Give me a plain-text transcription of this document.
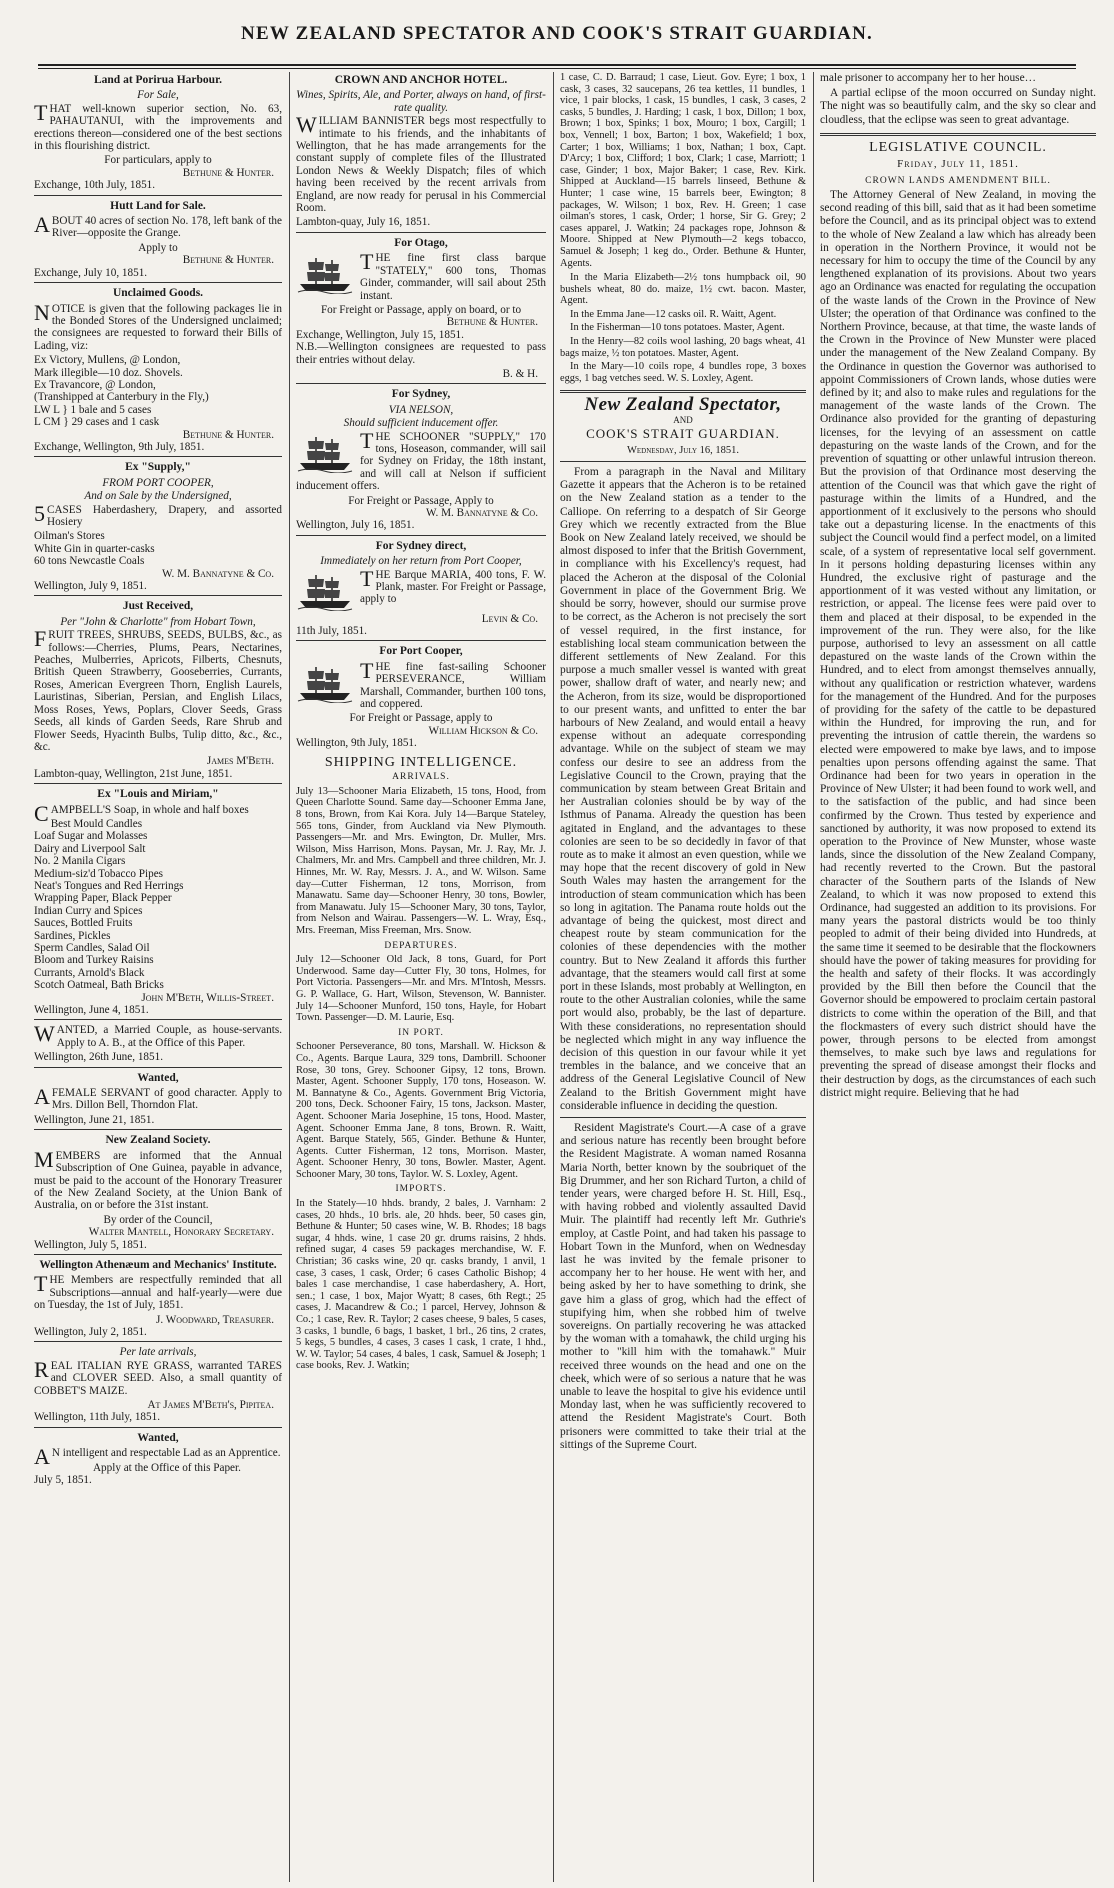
NEW ZEALAND SPECTATOR AND COOK'S STRAIT GUARDIAN.
Land at Porirua Harbour.
For Sale,

THAT well-known superior section, No. 63, PAHAUTANUI, with the improvements and erections thereon—considered one of the best sections in this flourishing district.

For particulars, apply to
Bethune & Hunter.
Exchange, 10th July, 1851.
Hutt Land for Sale.

ABOUT 40 acres of section No. 178, left bank of the River—opposite the Grange.

Apply to
Bethune & Hunter.
Exchange, July 10, 1851.
Unclaimed Goods.

NOTICE is given that the following packages lie in the Bonded Stores of the Undersigned unclaimed; the consignees are requested to forward their Bills of Lading, viz:

Ex Victory, Mullens, @ London,
Mark illegible—10 doz. Shovels.
Ex Travancore, @ London,
(Transhipped at Canterbury in the Fly,)
LW L } 1 bale and 5 cases
L CM } 29 cases and 1 cask
Bethune & Hunter.
Exchange, Wellington, 9th July, 1851.
Ex "Supply,"
FROM PORT COOPER,
And on Sale by the Undersigned,

5CASES Haberdashery, Drapery, and assorted Hosiery

Oilman's Stores
White Gin in quarter-casks
60 tons Newcastle Coals
W. M. Bannatyne & Co.
Wellington, July 9, 1851.
Just Received,
Per "John & Charlotte" from Hobart Town,

FRUIT TREES, SHRUBS, SEEDS, BULBS, &c., as follows:—Cherries, Plums, Pears, Nectarines, Peaches, Mulberries, Apricots, Filberts, Chesnuts, British Queen Strawberry, Gooseberries, Currants, Roses, American Evergreen Thorn, English Laurels, Lauristinas, Siberian, Persian, and English Lilacs, Moss Roses, Yews, Poplars, Clover Seeds, Grass Seeds, all kinds of Garden Seeds, Rare Shrub and Flower Seeds, Hyacinth Bulbs, Tulip ditto, &c., &c., &c.

James M'Beth.
Lambton-quay, Wellington, 21st June, 1851.
Ex "Louis and Miriam,"

CAMPBELL'S Soap, in whole and half boxes

Best Mould Candles
Loaf Sugar and Molasses
Dairy and Liverpool Salt
No. 2 Manila Cigars
Medium-siz'd Tobacco Pipes
Neat's Tongues and Red Herrings
Wrapping Paper, Black Pepper
Indian Curry and Spices
Sauces, Bottled Fruits
Sardines, Pickles
Sperm Candles, Salad Oil
Bloom and Turkey Raisins
Currants, Arnold's Black
Scotch Oatmeal, Bath Bricks
John M'Beth, Willis-Street.
Wellington, June 4, 1851.

WANTED, a Married Couple, as house-servants. Apply to A. B., at the Office of this Paper.

Wellington, 26th June, 1851.
Wanted,

AFEMALE SERVANT of good character. Apply to Mrs. Dillon Bell, Thorndon Flat.

Wellington, June 21, 1851.
New Zealand Society.

MEMBERS are informed that the Annual Subscription of One Guinea, payable in advance, must be paid to the account of the Honorary Treasurer of the New Zealand Society, at the Union Bank of Australia, on or before the 31st instant.

By order of the Council,
Walter Mantell, Honorary Secretary.
Wellington, July 5, 1851.
Wellington Athenæum and Mechanics' Institute.

THE Members are respectfully reminded that all Subscriptions—annual and half-yearly—were due on Tuesday, the 1st of July, 1851.

J. Woodward, Treasurer.
Wellington, July 2, 1851.
Per late arrivals,

REAL ITALIAN RYE GRASS, warranted TARES and CLOVER SEED. Also, a small quantity of COBBET'S MAIZE.

At James M'Beth's, Pipitea.
Wellington, 11th July, 1851.
Wanted,

AN intelligent and respectable Lad as an Apprentice.

Apply at the Office of this Paper.
July 5, 1851.
CROWN AND ANCHOR HOTEL.
Wines, Spirits, Ale, and Porter, always on hand, of first-rate quality.

WILLIAM BANNISTER begs most respectfully to intimate to his friends, and the inhabitants of Wellington, that he has made arrangements for the constant supply of complete files of the Illustrated London News & Weekly Dispatch; files of which having been received by the recent arrivals from England, are now ready for perusal in his Commercial Room.

Lambton-quay, July 16, 1851.
For Otago,

THE fine first class barque "STATELY," 600 tons, Thomas Ginder, commander, will sail about 25th instant.

For Freight or Passage, apply on board, or to
Bethune & Hunter.
Exchange, Wellington, July 15, 1851.

N.B.—Wellington consignees are requested to pass their entries without delay.

B. & H.
For Sydney,
VIA NELSON,
Should sufficient inducement offer.

THE SCHOONER "SUPPLY," 170 tons, Hoseason, commander, will sail for Sydney on Friday, the 18th instant, and will call at Nelson if sufficient inducement offers.

For Freight or Passage, Apply to
W. M. Bannatyne & Co.
Wellington, July 16, 1851.
For Sydney direct,
Immediately on her return from Port Cooper,

THE Barque MARIA, 400 tons, F. W. Plank, master. For Freight or Passage, apply to

Levin & Co.
11th July, 1851.
For Port Cooper,

THE fine fast-sailing Schooner PERSEVERANCE, William Marshall, Commander, burthen 100 tons, and coppered.

For Freight or Passage, apply to
William Hickson & Co.
Wellington, 9th July, 1851.
SHIPPING INTELLIGENCE.
ARRIVALS.

July 13—Schooner Maria Elizabeth, 15 tons, Hood, from Queen Charlotte Sound. Same day—Schooner Emma Jane, 8 tons, Brown, from Kai Kora. July 14—Barque Stateley, 565 tons, Ginder, from Auckland via New Plymouth. Passengers—Mr. and Mrs. Ewington, Dr. Muller, Mrs. Wilson, Miss Harrison, Mons. Paysan, Mr. J. Ray, Mr. J. Chalmers, Mr. and Mrs. Campbell and three children, Mr. J. Hinnes, Mr. W. Ray, Messrs. J. A., and W. Wilson. Same day—Cutter Fisherman, 12 tons, Morrison, from Manawatu. Same day—Schooner Henry, 30 tons, Bowler, from Manawatu. July 15—Schooner Mary, 30 tons, Taylor, from Nelson and Wairau. Passengers—W. L. Wray, Esq., Mrs. Freeman, Miss Freeman, Mrs. Snow.

DEPARTURES.

July 12—Schooner Old Jack, 8 tons, Guard, for Port Underwood. Same day—Cutter Fly, 30 tons, Holmes, for Port Victoria. Passengers—Mr. and Mrs. M'Intosh, Messrs. G. P. Wallace, G. Hart, Wilson, Stevenson, W. Bannister. July 14—Schooner Munford, 150 tons, Hayle, for Hobart Town. Passenger—D. M. Laurie, Esq.

IN PORT.

Schooner Perseverance, 80 tons, Marshall. W. Hickson & Co., Agents. Barque Laura, 329 tons, Dambrill. Schooner Rose, 30 tons, Grey. Schooner Gipsy, 12 tons, Brown. Master, Agent. Schooner Supply, 170 tons, Hoseason. W. M. Bannatyne & Co., Agents. Government Brig Victoria, 200 tons, Deck. Schooner Fairy, 15 tons, Jackson. Master, Agent. Schooner Maria Josephine, 15 tons, Hood. Master, Agent. Schooner Emma Jane, 8 tons, Brown. R. Waitt, Agent. Barque Stately, 565, Ginder. Bethune & Hunter, Agents. Cutter Fisherman, 12 tons, Morrison. Master, Agent. Schooner Henry, 30 tons, Bowler. Master, Agent. Schooner Mary, 30 tons, Taylor. W. S. Loxley, Agent.

IMPORTS.

In the Stately—10 hhds. brandy, 2 bales, J. Varnham: 2 cases, 20 hhds., 10 brls. ale, 20 hhds. beer, 50 cases gin, Bethune & Hunter; 50 cases wine, W. B. Rhodes; 18 bags sugar, 4 hhds. wine, 1 case 20 gr. drums raisins, 2 hhds. refined sugar, 4 cases 59 packages merchandise, W. F. Christian; 36 casks wine, 20 qr. casks brandy, 1 anvil, 1 case, 3 cases, 1 cask, Order; 6 cases Catholic Bishop; 4 bales 1 case merchandise, 1 case haberdashery, A. Hort, sen.; 1 case, 1 box, Major Wyatt; 8 cases, 6th Regt.; 25 cases, J. Macandrew & Co.; 1 parcel, Hervey, Johnson & Co.; 1 case, Rev. R. Taylor; 2 cases cheese, 9 bales, 5 cases, 3 casks, 1 bundle, 6 bags, 1 basket, 1 brl., 26 tins, 2 crates, 5 kegs, 5 bundles, 4 cases, 3 cases 1 cask, 1 crate, 1 hhd., W. W. Taylor; 54 cases, 4 bales, 1 cask, Samuel & Joseph; 1 case books, Rev. J. Watkin;

1 case, C. D. Barraud; 1 case, Lieut. Gov. Eyre; 1 box, 1 cask, 3 cases, 32 saucepans, 26 tea kettles, 11 bundles, 1 vice, 1 pair blocks, 1 cask, 15 bundles, 1 cask, 3 cases, 2 casks, 5 bundles, J. Harding; 1 cask, 1 box, Dillon; 1 box, Brown; 1 box, Spinks; 1 box, Mouro; 1 box, Cargill; 1 box, Vennell; 1 box, Barton; 1 box, Wakefield; 1 box, Carter; 1 box, Williams; 1 box, Nathan; 1 box, Capt. D'Arcy; 1 box, Clifford; 1 box, Clark; 1 case, Marriott; 1 case, Ginder; 1 box, Major Baker; 1 case, Rev. Kirk. Shipped at Auckland—15 barrels linseed, Bethune & Hunter; 1 case wine, 15 barrels beer, Ewington; 8 packages, W. Wilson; 1 box, Rev. H. Green; 1 case oilman's stores, 1 cask, Order; 1 horse, Sir G. Grey; 2 cases apparel, J. Watkin; 24 packages rope, Johnson & Moore. Shipped at New Plymouth—2 kegs tobacco, Samuel & Joseph; 1 keg do., Order. Bethune & Hunter, Agents.

In the Maria Elizabeth—2½ tons humpback oil, 90 bushels wheat, 80 do. maize, 1½ cwt. bacon. Master, Agent.

In the Emma Jane—12 casks oil. R. Waitt, Agent.

In the Fisherman—10 tons potatoes. Master, Agent.

In the Henry—82 coils wool lashing, 20 bags wheat, 41 bags maize, ½ ton potatoes. Master, Agent.

In the Mary—10 coils rope, 4 bundles rope, 3 boxes eggs, 1 bag vetches seed. W. S. Loxley, Agent.

New Zealand Spectator,
AND
COOK'S STRAIT GUARDIAN.
Wednesday, July 16, 1851.

From a paragraph in the Naval and Military Gazette it appears that the Acheron is to be retained on the New Zealand station as a tender to the Calliope. On referring to a despatch of Sir George Grey which we recently extracted from the Blue Book on New Zealand lately received, we should be almost disposed to infer that the British Government, in compliance with his Excellency's request, had placed the Acheron at the disposal of the Colonial Government in place of the Government Brig. We should be sorry, however, should our surmise prove to be correct, as the Acheron is not precisely the sort of vessel required, in the first instance, for establishing local steam communication between the different settlements of New Zealand. For this purpose a much smaller vessel is wanted with great power, shallow draft of water, and nearly new; and the Acheron, from its size, would be disproportioned to our present wants, and unfitted to enter the bar harbours of New Zealand, and would entail a heavy expense without an adequate corresponding advantage. While on the subject of steam we may confess our desire to see an address from the Legislative Council to the Crown, praying that the communication by steam between Great Britain and her Australian colonies should be by way of the Isthmus of Panama. Already the question has been agitated in England, and the advantages to these colonies are seen to be so decidedly in favor of that route as to make it almost an even question, while we may hope that the recent discovery of gold in New South Wales may hasten the arrangement for the introduction of steam communication which has been so long in agitation. The Panama route holds out the advantage of being the quickest, most direct and cheapest route by steam communication for the colonies of these dependencies with the mother country. But to New Zealand it affords this further advantage, that the steamers would call first at some port in these Islands, most probably at Wellington, en route to the other Australian colonies, while the same port would also, probably, be the last of departure. With these considerations, no representation should be neglected which might in any way influence the decision of this question in our favour while it yet trembles in the balance, and we conceive that an address of the General Legislative Council of New Zealand to the British Government might have considerable influence in deciding the question.

Resident Magistrate's Court.—A case of a grave and serious nature has recently been brought before the Resident Magistrate. A woman named Rosanna Maria North, better known by the soubriquet of the Big Drummer, and her son Richard Turton, a child of tender years, were charged before H. St. Hill, Esq., with having robbed and violently assaulted David Muir. The plaintiff had recently left Mr. Guthrie's employ, at Castle Point, and had taken his passage to Hobart Town in the Munford, when on Wednesday last he was invited by the female prisoner to accompany her to her house. He went with her, and being asked by her to have something to drink, she gave him a glass of grog, which had the effect of stupifying him, when she robbed him of twelve sovereigns. On partially recovering he was attacked by the woman with a tomahawk, the child urging his mother to "kill him with the tomahawk." Muir received three wounds on the head and one on the cheek, which were of so serious a nature that he was unable to leave the hospital to give his evidence until Monday last, when he was sufficiently recovered to attend the Resident Magistrate's Court. Both prisoners were committed to take their trial at the sittings of the Supreme Court.

male prisoner to accompany her to her house…

A partial eclipse of the moon occurred on Sunday night. The night was so beautifully calm, and the sky so clear and cloudless, that the eclipse was seen to great advantage.

LEGISLATIVE COUNCIL.
Friday, July 11, 1851.
CROWN LANDS AMENDMENT BILL.

The Attorney General of New Zealand, in moving the second reading of this bill, said that as it had been sometime before the Council, and as its principal object was to extend to the whole of New Zealand a law which has already been in operation in the Northern Province, it would not be necessary for him to occupy the time of the Council by any lengthened explanation of its provisions. About two years ago an Ordinance was enacted for regulating the occupation of the waste lands of the Crown in the Province of New Ulster; the operation of that Ordinance was confined to the Northern Province, because, at that time, the waste lands of the Crown in the Province of New Munster were placed under the management of the New Zealand Company. By the Ordinance in question the Governor was authorised to appoint Commissioners of Crown lands, whose duties were defined by it; and also to make rules and regulations for the management of the waste lands of the Crown. The Ordinance also provided for the granting of depasturing licenses, for the levying of an assessment on cattle depasturing on the waste lands of the Crown, and for the prevention of squatting or other unlawful intrusion thereon. But the provision of that Ordinance most deserving the attention of the Council was that which gave the right of pasturage within the limits of a Hundred, and the apportionment of it exclusively to the persons who should take out a depasturing license. In the enactments of this subject the Council would find a perfect model, on a limited scale, of a system of representative local self government. In it persons holding depasturing licenses within any Hundred, the exclusive right of pasturage and the apportionment of it was vested without any limitation, or restriction, or appeal. The license fees were paid over to them and placed at their disposal, to be expended in the improvement of the run. They were also, for the like purpose, authorised to levy an assessment on all cattle depastured on the waste lands of the Crown within the Hundred, and to elect from amongst themselves annually, without any qualification or restriction whatever, wardens for the management of the Hundred. And for the purposes of providing for the safety of the cattle to be depastured within the Hundred, for improving the run, and for preventing the intrusion of cattle therein, the wardens so elected were empowered to make bye laws, and to impose penalties upon persons offending against the same. That Ordinance had been for two years in operation in the Province of New Ulster; it had been found to work well, and to the satisfaction of the public, and had since been confirmed by the Crown. Thus tested by experience and sanctioned by authority, it was now proposed to extend its operation to the Province of New Munster, whose waste lands, since the dissolution of the New Zealand Company, had recently reverted to the Crown. But the pastoral character of the Southern parts of the Islands of New Zealand, to which it was now proposed to extend this Ordinance, had suggested an addition to its provisions. For many years the pastoral districts would be too thinly peopled to admit of their being divided into Hundreds, at the same time it seemed to be desirable that the flockowners should have the power of taking measures for providing for the health and safety of their flocks. It was accordingly provided by the Bill then before the Council that the Governor should be empowered to proclaim certain pastoral districts to come within the operation of the Bill, and that the flockmasters of every such district should have the power, through persons to be elected from amongst themselves, to make such bye laws and regulations for preventing the spread of disease amongst their flocks and their destruction by dogs, as the circumstances of each such district might require. Believing that he had
